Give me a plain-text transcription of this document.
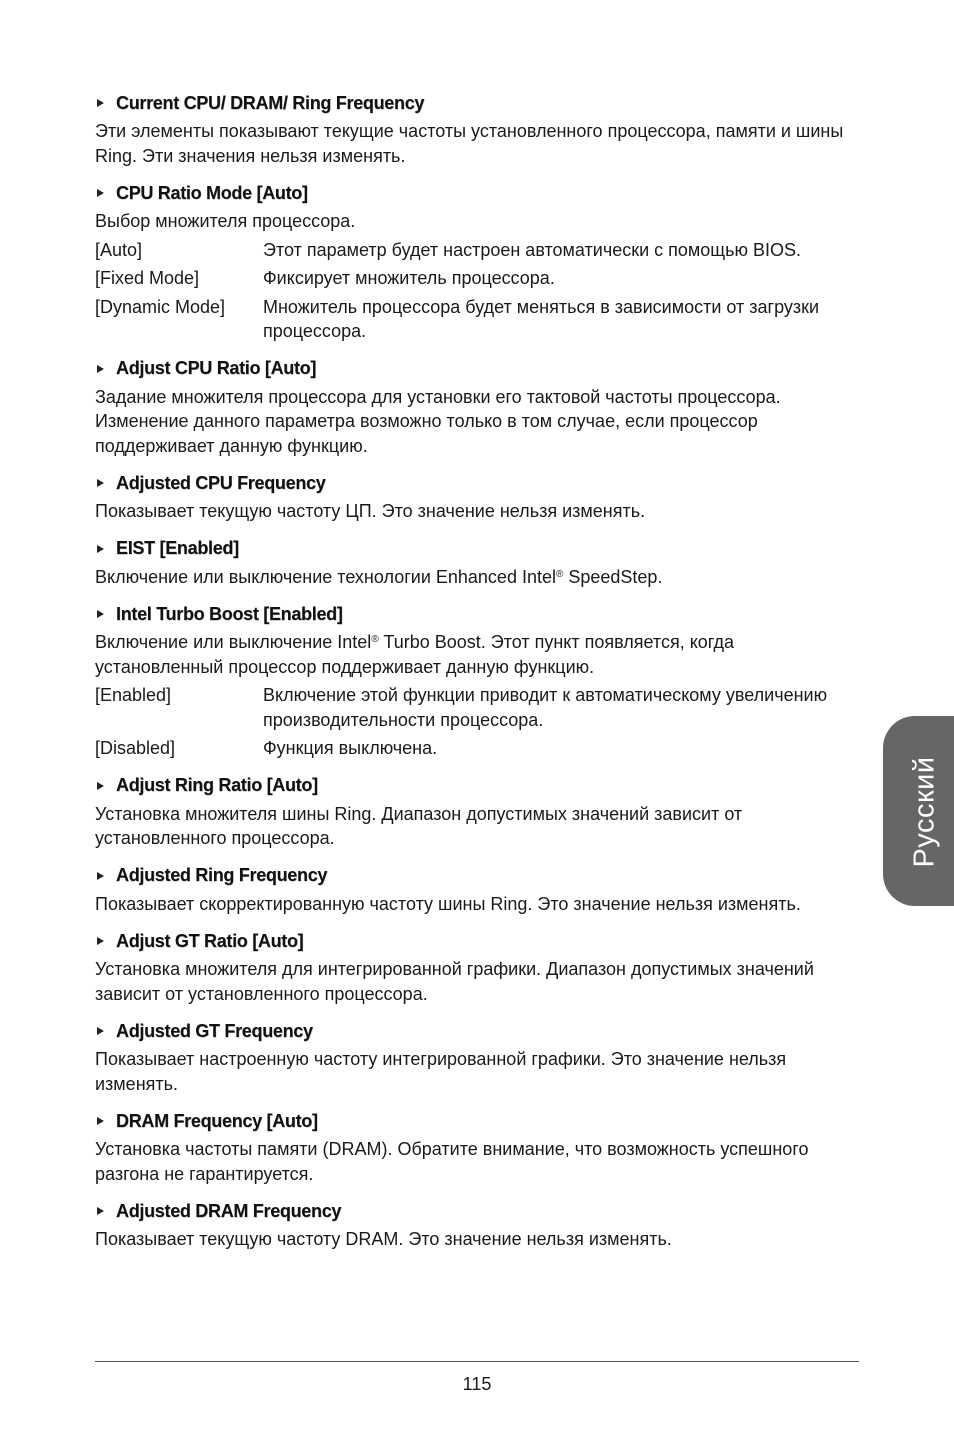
Current CPU/ DRAM/ Ring Frequency
Эти элементы показывают текущие частоты установленного процессора, памяти и шины Ring. Эти значения нельзя изменять.
CPU Ratio Mode [Auto]
Выбор множителя процессора.
[Auto]	Этот параметр будет настроен автоматически с помощью BIOS.
[Fixed Mode]	Фиксирует множитель процессора.
[Dynamic Mode]	Множитель процессора будет меняться в зависимости от загрузки процессора.
Adjust CPU Ratio [Auto]
Задание множителя процессора для установки его тактовой частоты процессора. Изменение данного параметра возможно только в том случае, если процессор поддерживает данную функцию.
Adjusted CPU Frequency
Показывает текущую частоту ЦП. Это значение нельзя изменять.
EIST [Enabled]
Включение или выключение технологии Enhanced Intel® SpeedStep.
Intel Turbo Boost [Enabled]
Включение или выключение Intel® Turbo Boost. Этот пункт появляется, когда установленный процессор поддерживает данную функцию.
[Enabled]	Включение этой функции приводит к автоматическому увеличению производительности процессора.
[Disabled]	Функция выключена.
Adjust Ring Ratio [Auto]
Установка множителя шины Ring. Диапазон допустимых значений зависит от установленного процессора.
Adjusted Ring Frequency
Показывает скорректированную частоту шины Ring. Это значение нельзя изменять.
Adjust GT Ratio [Auto]
Установка множителя для интегрированной графики. Диапазон допустимых значений зависит от установленного процессора.
Adjusted GT Frequency
Показывает настроенную частоту интегрированной графики. Это значение нельзя изменять.
DRAM Frequency [Auto]
Установка частоты памяти (DRAM). Обратите внимание, что возможность успешного разгона не гарантируется.
Adjusted DRAM Frequency
Показывает текущую частоту DRAM. Это значение нельзя изменять.
Русский
115
